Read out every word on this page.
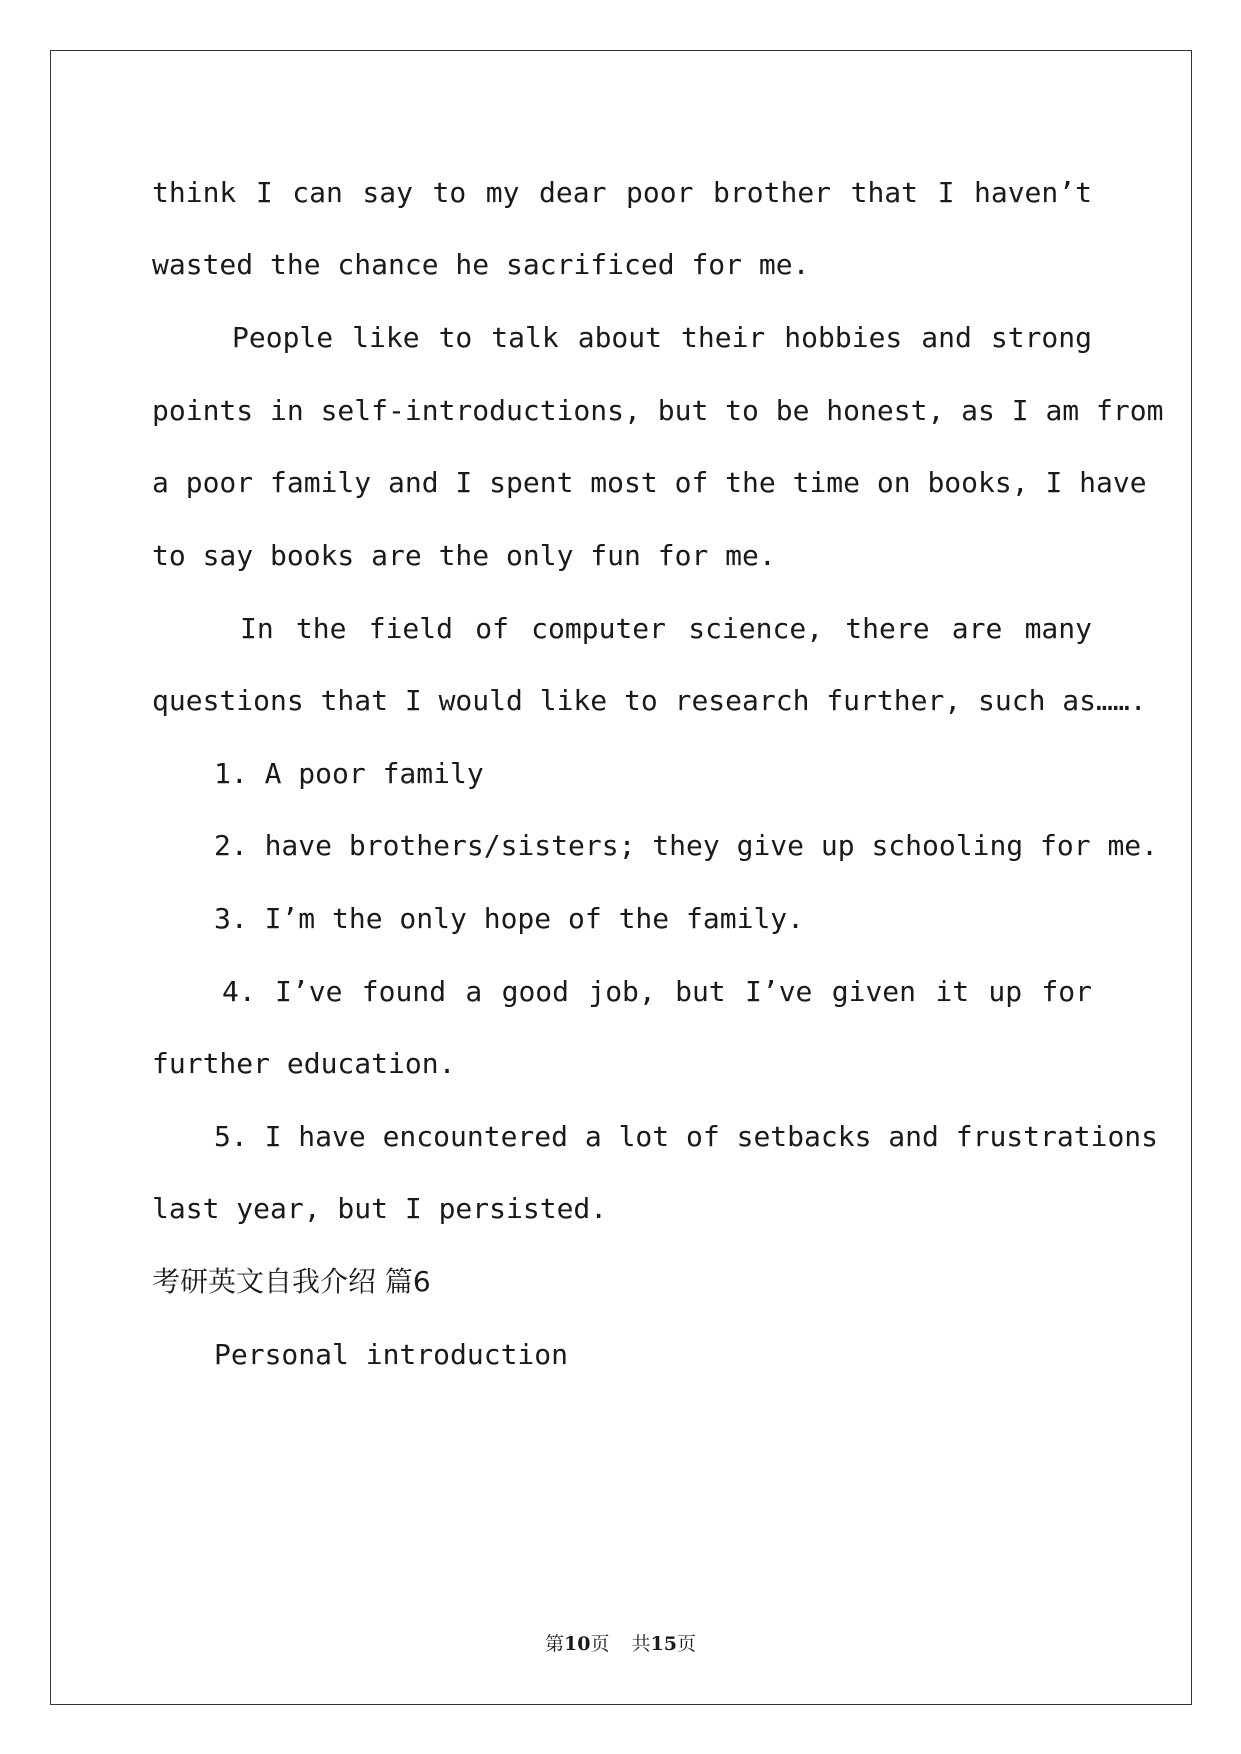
think I can say to my dear poor brother that I haven’t
wasted the chance he sacrificed for me.
People like to talk about their hobbies and strong
points in self-introductions, but to be honest, as I am from
a poor family and I spent most of the time on books, I have
to say books are the only fun for me.
In the field of computer science, there are many
questions that I would like to research further, such as…….
1. A poor family
2. have brothers/sisters; they give up schooling for me.
3. I’m the only hope of the family.
4. I’ve found a good job, but I’ve given it up for
further education.
5. I have encountered a lot of setbacks and frustrations
last year, but I persisted.
考研英文自我介绍 篇6
Personal introduction
第10页 共15页
